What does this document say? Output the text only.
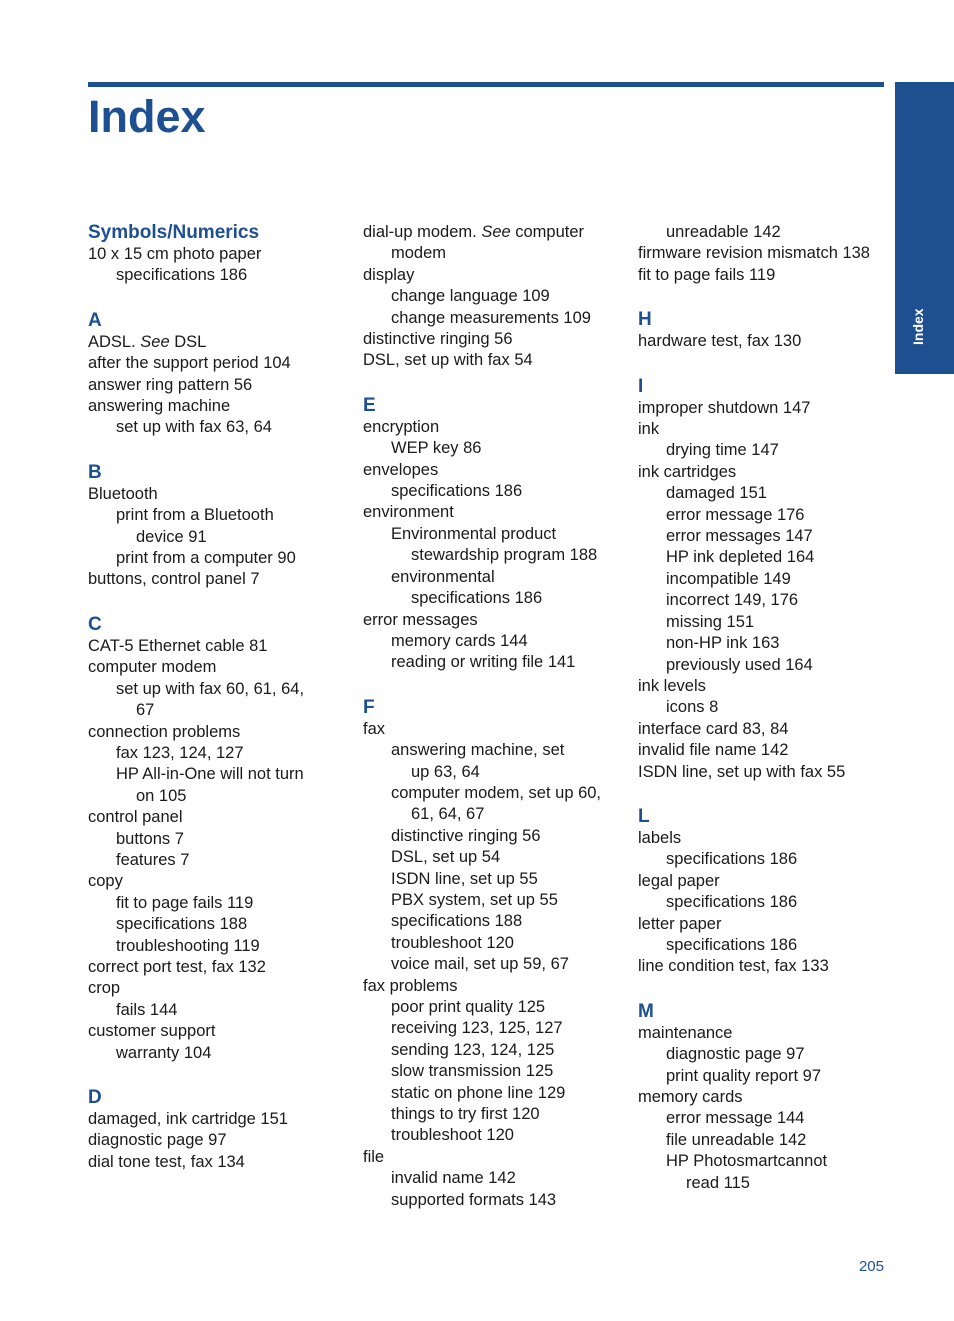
Index
Index
Symbols/Numerics
10 x 15 cm photo paper
specifications 186
A
ADSL. See DSL
after the support period 104
answer ring pattern 56
answering machine
set up with fax 63, 64
B
Bluetooth
print from a Bluetooth
device 91
print from a computer 90
buttons, control panel 7
C
CAT-5 Ethernet cable 81
computer modem
set up with fax 60, 61, 64,
67
connection problems
fax 123, 124, 127
HP All-in-One will not turn
on 105
control panel
buttons 7
features 7
copy
fit to page fails 119
specifications 188
troubleshooting 119
correct port test, fax 132
crop
fails 144
customer support
warranty 104
D
damaged, ink cartridge 151
diagnostic page 97
dial tone test, fax 134
dial-up modem. See computer
modem
display
change language 109
change measurements 109
distinctive ringing 56
DSL, set up with fax 54
E
encryption
WEP key 86
envelopes
specifications 186
environment
Environmental product
stewardship program 188
environmental
specifications 186
error messages
memory cards 144
reading or writing file 141
F
fax
answering machine, set
up 63, 64
computer modem, set up 60,
61, 64, 67
distinctive ringing 56
DSL, set up 54
ISDN line, set up 55
PBX system, set up 55
specifications 188
troubleshoot 120
voice mail, set up 59, 67
fax problems
poor print quality 125
receiving 123, 125, 127
sending 123, 124, 125
slow transmission 125
static on phone line 129
things to try first 120
troubleshoot 120
file
invalid name 142
supported formats 143
unreadable 142
firmware revision mismatch 138
fit to page fails 119
H
hardware test, fax 130
I
improper shutdown 147
ink
drying time 147
ink cartridges
damaged 151
error message 176
error messages 147
HP ink depleted 164
incompatible 149
incorrect 149, 176
missing 151
non-HP ink 163
previously used 164
ink levels
icons 8
interface card 83, 84
invalid file name 142
ISDN line, set up with fax 55
L
labels
specifications 186
legal paper
specifications 186
letter paper
specifications 186
line condition test, fax 133
M
maintenance
diagnostic page 97
print quality report 97
memory cards
error message 144
file unreadable 142
HP Photosmartcannot
read 115
205
